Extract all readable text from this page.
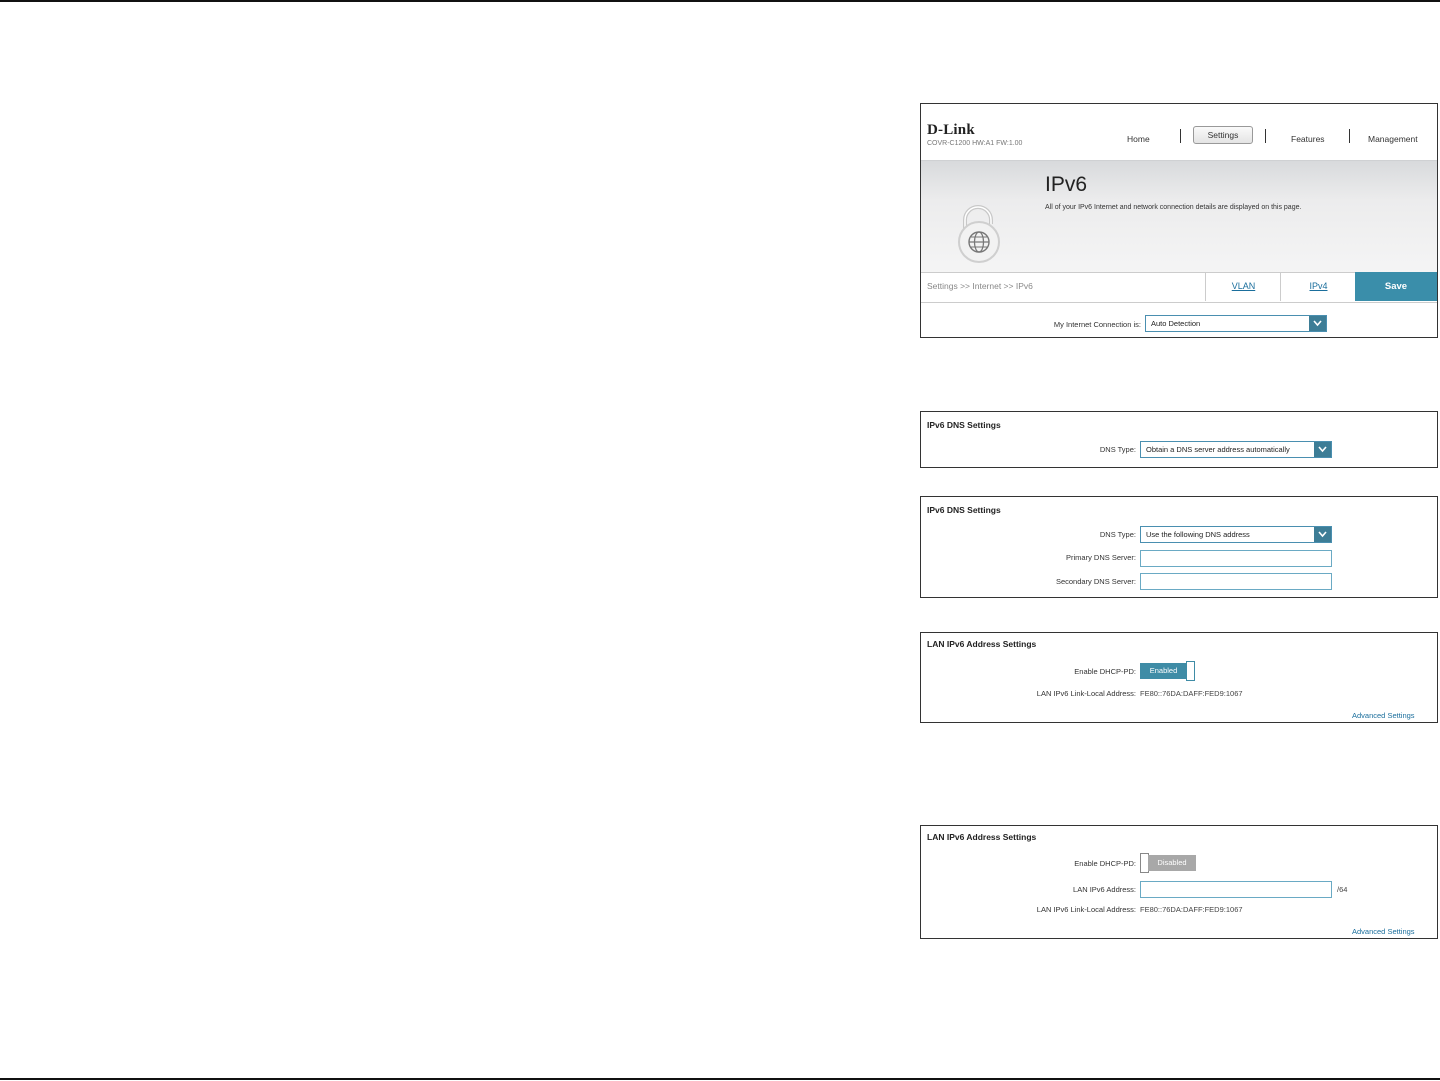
D-Link
COVR-C1200 HW:A1 FW:1.00	Home	Settings	Features	Management
IPv6
All of your IPv6 Internet and network connection details are displayed on this page.
Settings >> Internet >> IPv6	VLAN	IPv4	Save
My Internet Connection is:	Auto Detection
IPv6 DNS Settings
DNS Type:	Obtain a DNS server address automatically
IPv6 DNS Settings
DNS Type:	Use the following DNS address
Primary DNS Server:
Secondary DNS Server:
LAN IPv6 Address Settings
Enable DHCP-PD:	Enabled
LAN IPv6 Link-Local Address: FE80::76DA:DAFF:FED9:1067
Advanced Settings
LAN IPv6 Address Settings
Enable DHCP-PD:	Disabled
LAN IPv6 Address:	/64
LAN IPv6 Link-Local Address: FE80::76DA:DAFF:FED9:1067
Advanced Settings
